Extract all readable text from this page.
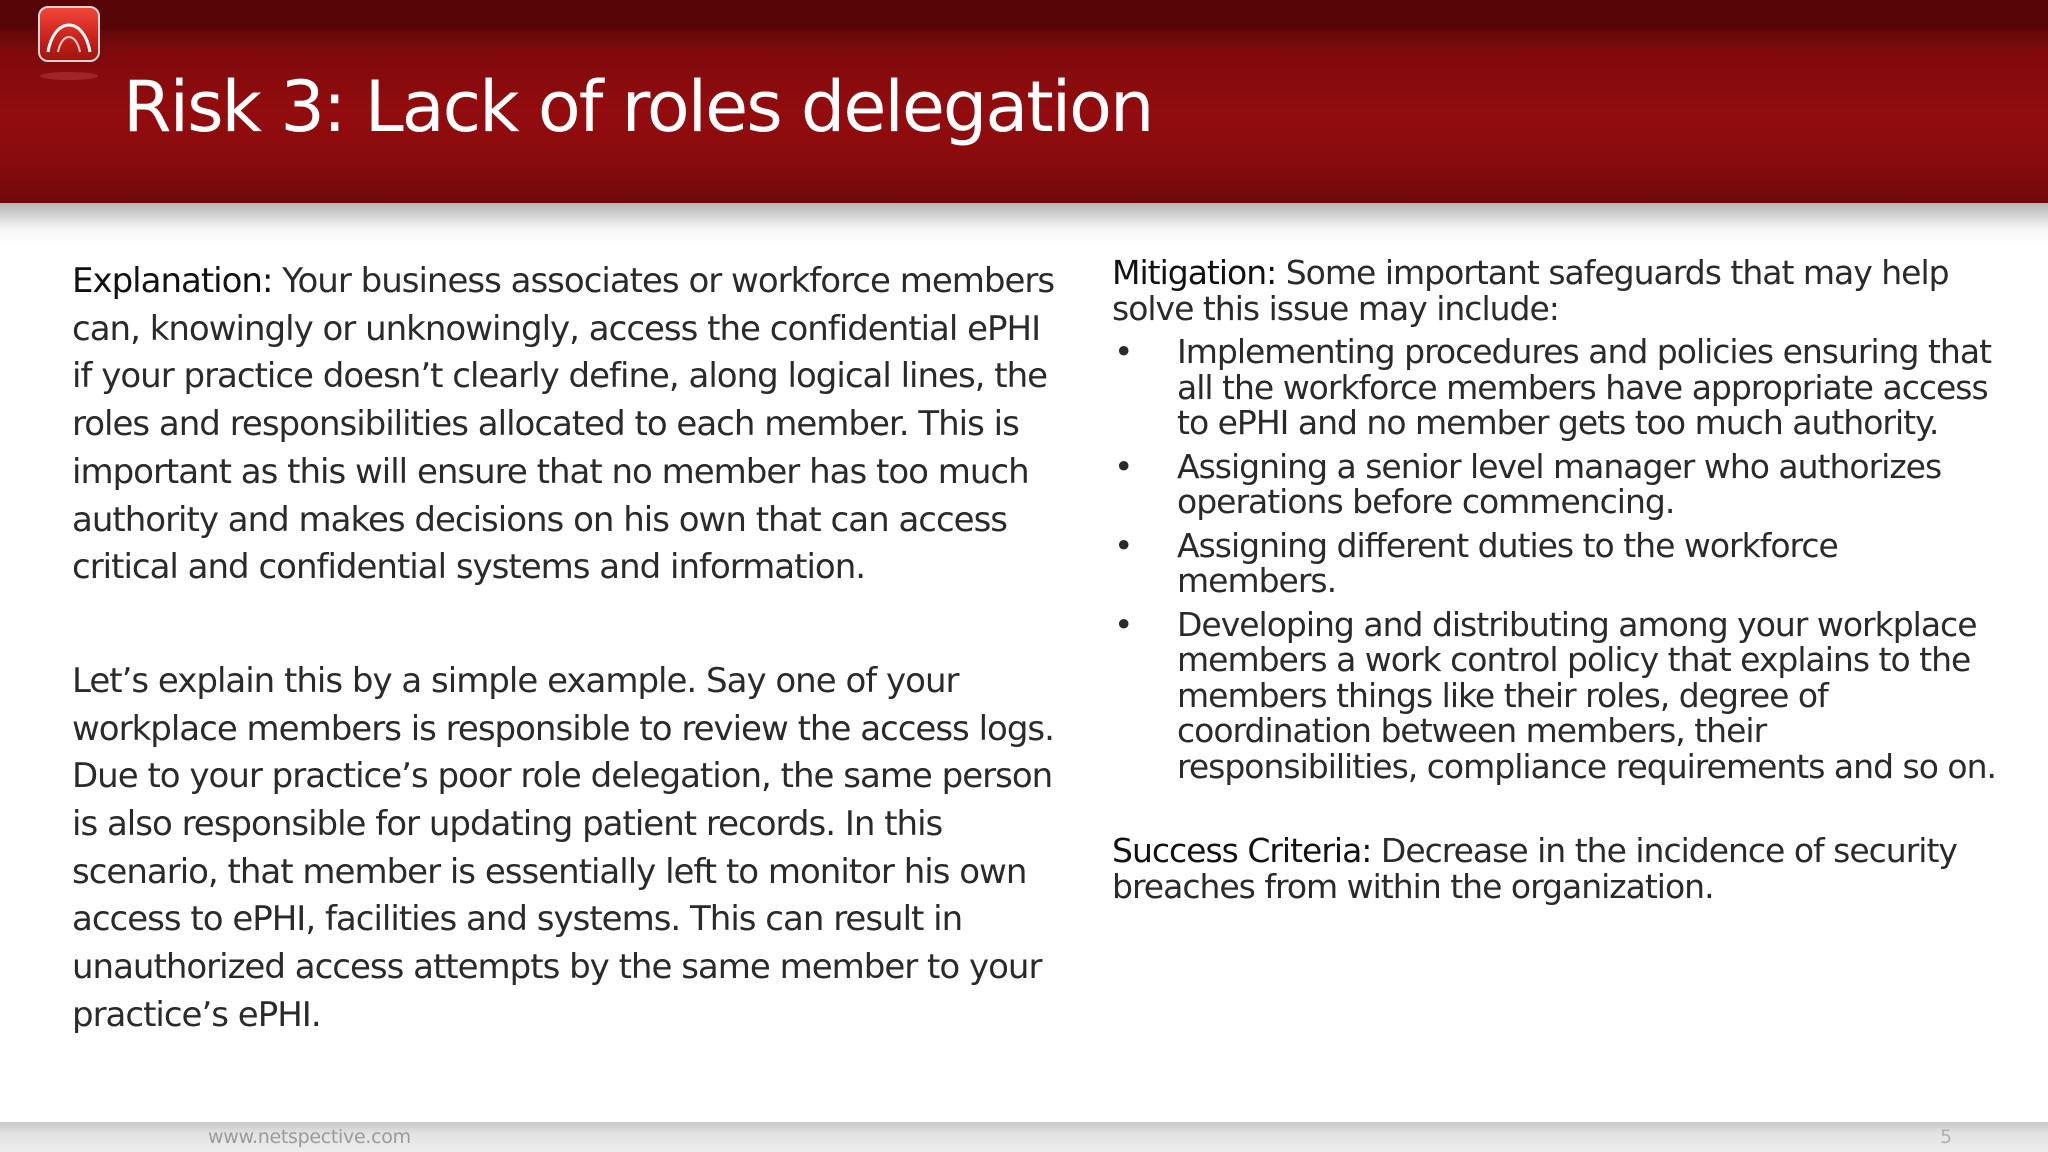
Risk 3: Lack of roles delegation

Explanation: Your business associates or workforce members can, knowingly or unknowingly, access the confidential ePHI if your practice doesn’t clearly define, along logical lines, the roles and responsibilities allocated to each member. This is important as this will ensure that no member has too much authority and makes decisions on his own that can access critical and confidential systems and information.

Let’s explain this by a simple example. Say one of your workplace members is responsible to review the access logs. Due to your practice’s poor role delegation, the same person is also responsible for updating patient records. In this scenario, that member is essentially left to monitor his own access to ePHI, facilities and systems. This can result in unauthorized access attempts by the same member to your practice’s ePHI.

Mitigation: Some important safeguards that may help solve this issue may include:

• Implementing procedures and policies ensuring that all the workforce members have appropriate access to ePHI and no member gets too much authority.
• Assigning a senior level manager who authorizes operations before commencing.
• Assigning different duties to the workforce members.
• Developing and distributing among your workplace members a work control policy that explains to the members things like their roles, degree of coordination between members, their responsibilities, compliance requirements and so on.

Success Criteria: Decrease in the incidence of security breaches from within the organization.

www.netspective.com	5
